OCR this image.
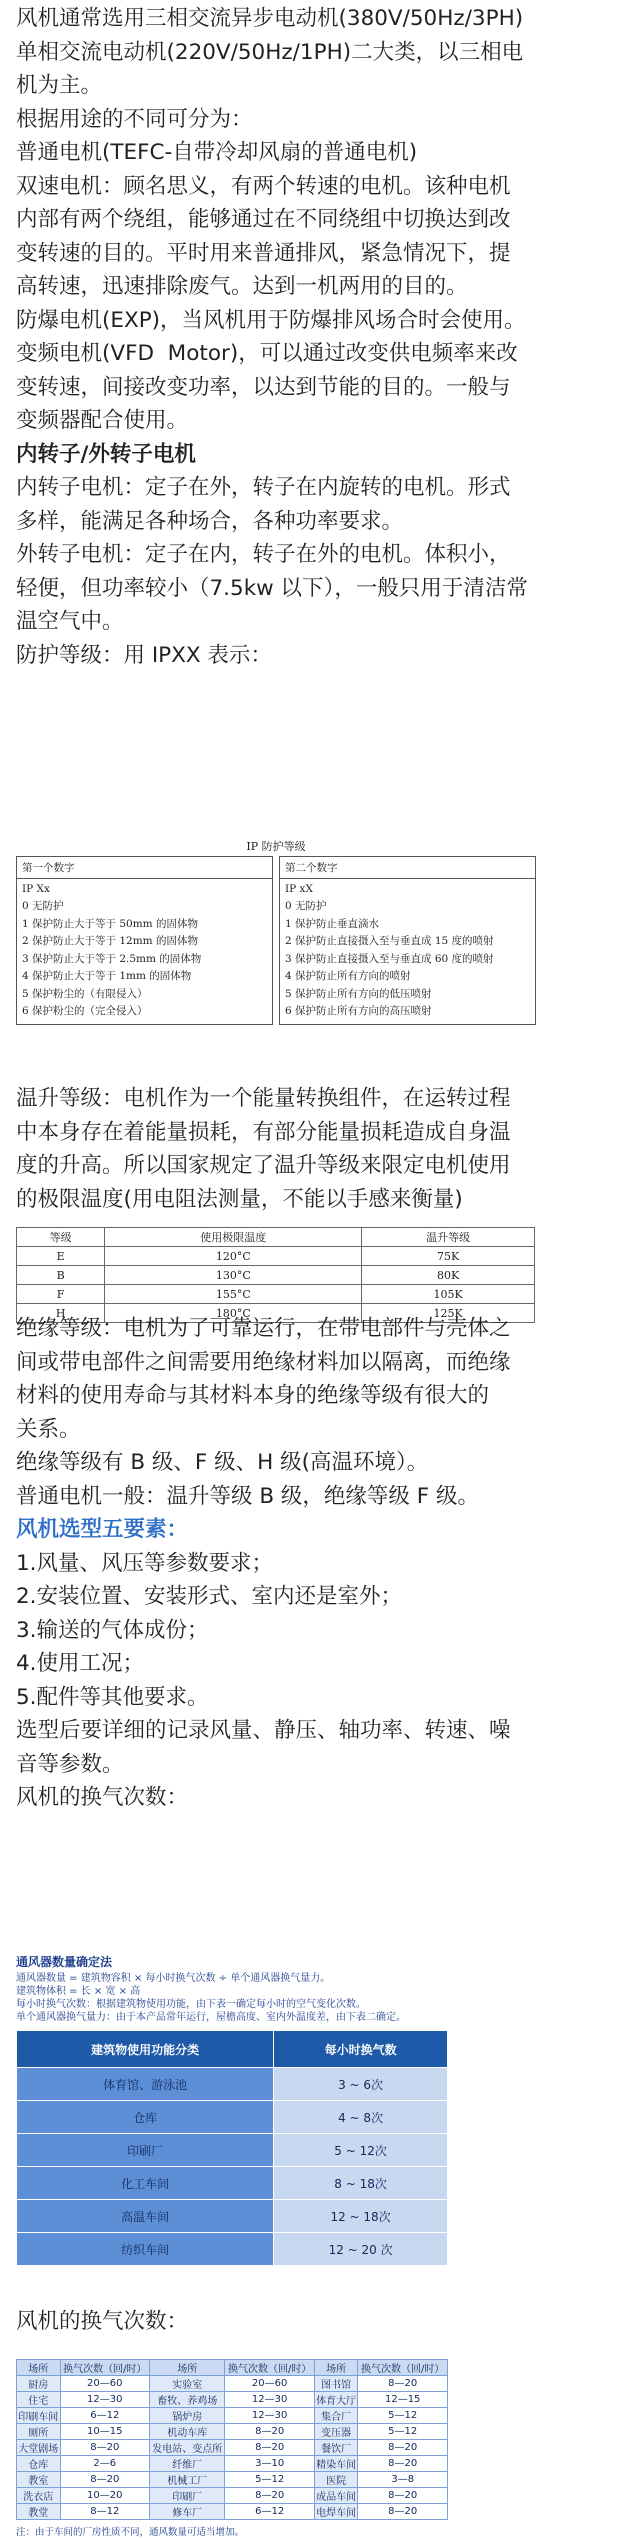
风机通常选用三相交流异步电动机(380V/50Hz/3PH)

单相交流电动机(220V/50Hz/1PH)二大类，以三相电

机为主。

根据用途的不同可分为：

普通电机(TEFC-自带冷却风扇的普通电机)

双速电机：顾名思义，有两个转速的电机。该种电机

内部有两个绕组，能够通过在不同绕组中切换达到改

变转速的目的。平时用来普通排风，紧急情况下，提

高转速，迅速排除废气。达到一机两用的目的。

防爆电机(EXP)，当风机用于防爆排风场合时会使用。

变频电机(VFD  Motor)，可以通过改变供电频率来改

变转速，间接改变功率，以达到节能的目的。一般与

变频器配合使用。

内转子/外转子电机

内转子电机：定子在外，转子在内旋转的电机。形式

多样，能满足各种场合，各种功率要求。

外转子电机：定子在内，转子在外的电机。体积小，

轻便，但功率较小（7.5kw 以下），一般只用于清洁常

温空气中。

防护等级：用 IPXX 表示：

IP 防护等级
第一个数字
IP Xx
0 无防护
1 保护防止大于等于 50mm 的固体物
2 保护防止大于等于 12mm 的固体物
3 保护防止大于等于 2.5mm 的固体物
4 保护防止大于等于 1mm 的固体物
5 保护粉尘的（有限侵入）
6 保护粉尘的（完全侵入）
第二个数字
IP xX
0 无防护
1 保护防止垂直滴水
2 保护防止直接摄入至与垂直成 15 度的喷射
3 保护防止直接摄入至与垂直成 60 度的喷射
4 保护防止所有方向的喷射
5 保护防止所有方向的低压喷射
6 保护防止所有方向的高压喷射

温升等级：电机作为一个能量转换组件，在运转过程

中本身存在着能量损耗，有部分能量损耗造成自身温

度的升高。所以国家规定了温升等级来限定电机使用

的极限温度(用电阻法测量，不能以手感来衡量)

等级	使用极限温度	温升等级
E	120°C	75K
B	130°C	80K
F	155°C	105K
H	180°C	125K

绝缘等级：电机为了可靠运行，在带电部件与壳体之

间或带电部件之间需要用绝缘材料加以隔离，而绝缘

材料的使用寿命与其材料本身的绝缘等级有很大的

关系。

绝缘等级有 B 级、F 级、H 级(高温环境）。

普通电机一般：温升等级 B 级，绝缘等级 F 级。

风机选型五要素：

1.风量、风压等参数要求；

2.安装位置、安装形式、室内还是室外；

3.输送的气体成份；

4.使用工况；

5.配件等其他要求。

选型后要详细的记录风量、静压、轴功率、转速、噪

音等参数。

风机的换气次数：

通风器数量确定法
通风器数量 = 建筑物容积 × 每小时换气次数 ÷ 单个通风器换气量力。
建筑物体积 = 长 × 宽 × 高
每小时换气次数：根据建筑物使用功能，由下表一确定每小时的空气变化次数。
单个通风器换气量力：由于本产品常年运行，屋檐高度、室内外温度差，由下表二确定。
建筑物使用功能分类	每小时换气数
体育馆、游泳池	3 ~ 6次
仓库	4 ~ 8次
印刷厂	5 ~ 12次
化工车间	8 ~ 18次
高温车间	12 ~ 18次
纺织车间	12 ~ 20 次

风机的换气次数：

场所	换气次数（回/时）	场所	换气次数（回/时）	场所	换气次数（回/时）
厨房	20—60	实验室	20—60	图书馆	8—20
住宅	12—30	畜牧、养鸡场	12—30	体育大厅	12—15
印刷车间	6—12	锅炉房	12—30	集合厂	5—12
厕所	10—15	机动车库	8—20	变压器	5—12
大堂剧场	8—20	发电站、变点所	8—20	餐饮厂	8—20
仓库	2—6	纤维厂	3—10	精染车间	8—20
教室	8—20	机械工厂	5—12	医院	3—8
洗衣店	10—20	印刷厂	8—20	成品车间	8—20
教堂	8—12	修车厂	6—12	电焊车间	8—20
注：由于车间的厂房性质不同，通风数量可适当增加。
